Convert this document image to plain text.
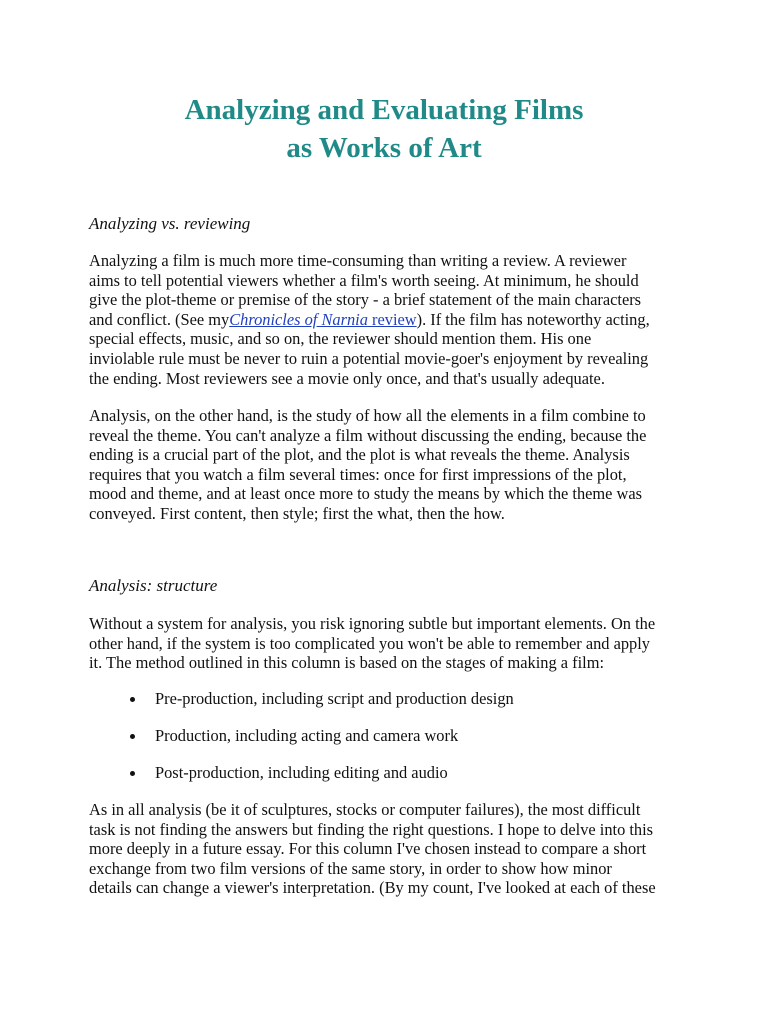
Analyzing and Evaluating Films
as Works of Art
Analyzing vs. reviewing
Analyzing a film is much more time-consuming than writing a review. A reviewer
aims to tell potential viewers whether a film's worth seeing. At minimum, he should
give the plot-theme or premise of the story - a brief statement of the main characters
and conflict. (See myChronicles of Narnia review). If the film has noteworthy acting,
special effects, music, and so on, the reviewer should mention them. His one
inviolable rule must be never to ruin a potential movie-goer's enjoyment by revealing
the ending. Most reviewers see a movie only once, and that's usually adequate.
Analysis, on the other hand, is the study of how all the elements in a film combine to
reveal the theme. You can't analyze a film without discussing the ending, because the
ending is a crucial part of the plot, and the plot is what reveals the theme. Analysis
requires that you watch a film several times: once for first impressions of the plot,
mood and theme, and at least once more to study the means by which the theme was
conveyed. First content, then style; first the what, then the how.
Analysis: structure
Without a system for analysis, you risk ignoring subtle but important elements. On the
other hand, if the system is too complicated you won't be able to remember and apply
it. The method outlined in this column is based on the stages of making a film:
Pre-production, including script and production design
Production, including acting and camera work
Post-production, including editing and audio
As in all analysis (be it of sculptures, stocks or computer failures), the most difficult
task is not finding the answers but finding the right questions. I hope to delve into this
more deeply in a future essay. For this column I've chosen instead to compare a short
exchange from two film versions of the same story, in order to show how minor
details can change a viewer's interpretation. (By my count, I've looked at each of these
